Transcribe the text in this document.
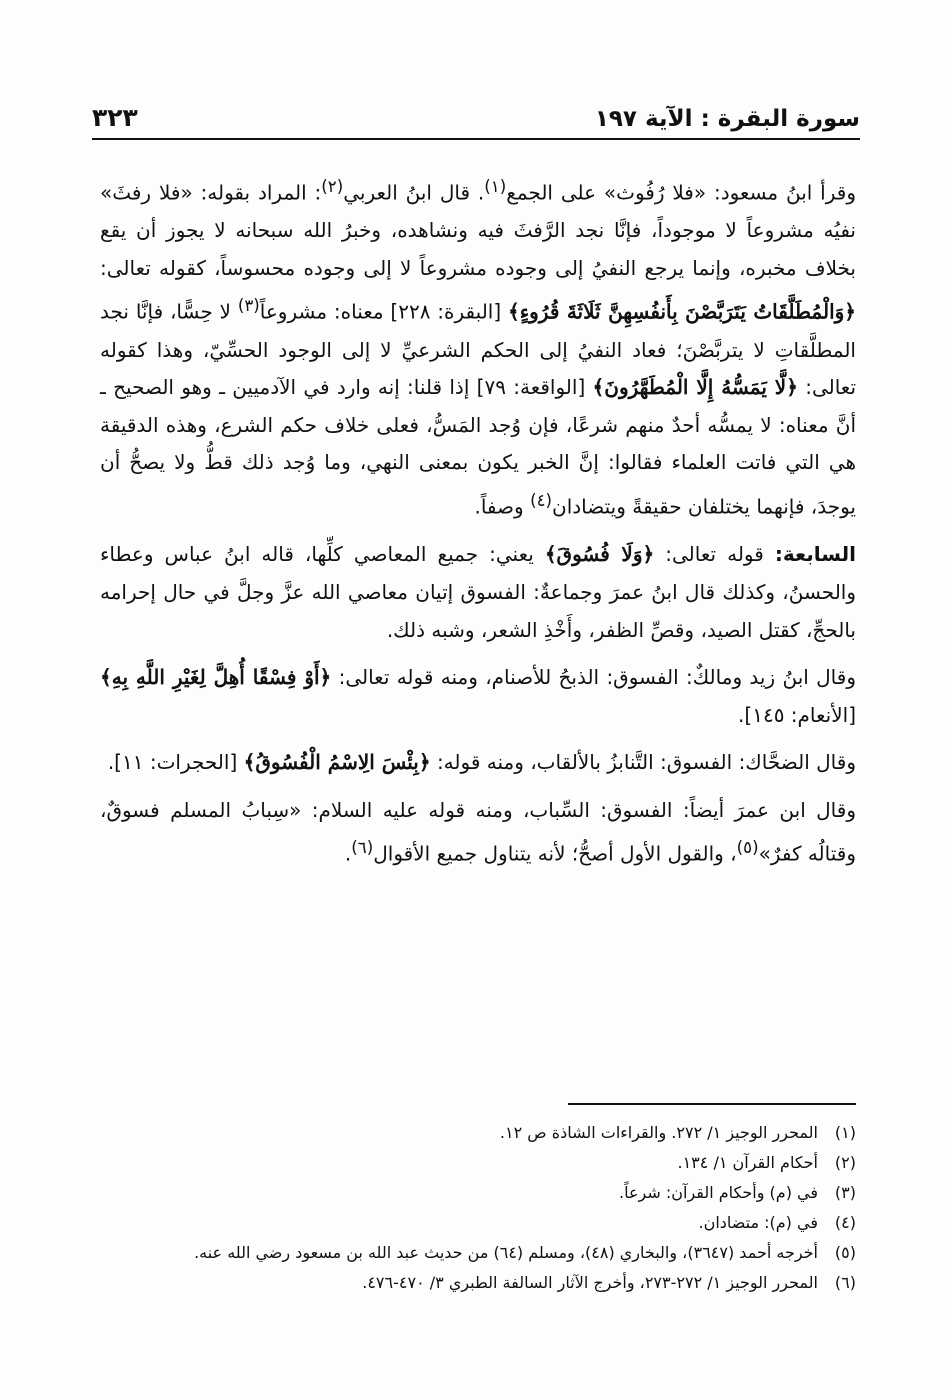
سورة البقرة : الآية ١٩٧
٣٢٣

وقرأ ابنُ مسعود: «فلا رُفُوث» على الجمع$^{(١)}$. قال ابنُ العربي$^{(٢)}$: المراد بقوله: «فلا رفثَ» نفيُه مشروعاً لا موجوداً، فإنَّا نجد الرَّفثَ فيه ونشاهده، وخبرُ الله سبحانه لا يجوز أن يقع بخلاف مخبره، وإنما يرجع النفيُ إلى وجوده مشروعاً لا إلى وجوده محسوساً، كقوله تعالى: ﴿وَالْمُطَلَّقَاتُ يَتَرَبَّصْنَ بِأَنفُسِهِنَّ ثَلَاثَةَ قُرُوءٍ﴾ [البقرة: ٢٢٨] معناه: مشروعاً$^{(٣)}$ لا حِسًّا، فإنَّا نجد المطلَّقاتِ لا يتربَّصْنَ؛ فعاد النفيُ إلى الحكم الشرعيِّ لا إلى الوجود الحسِّيّ، وهذا كقوله تعالى: ﴿لَّا يَمَسُّهُ إِلَّا الْمُطَهَّرُونَ﴾ [الواقعة: ٧٩] إذا قلنا: إنه وارد في الآدميين ـ وهو الصحيح ـ أنَّ معناه: لا يمسُّه أحدٌ منهم شرعًا، فإن وُجد المَسُّ، فعلى خلاف حكم الشرع، وهذه الدقيقة هي التي فاتت العلماء فقالوا: إنَّ الخبر يكون بمعنى النهي، وما وُجد ذلك قطُّ ولا يصحُّ أن يوجدَ، فإنهما يختلفان حقيقةً ويتضادان$^{(٤)}$ وصفاً.

السابعة: قوله تعالى: ﴿وَلَا فُسُوقَ﴾ يعني: جميع المعاصي كلِّها، قاله ابنُ عباس وعطاء والحسنُ، وكذلك قال ابنُ عمرَ وجماعةٌ: الفسوق إتيان معاصي الله عزَّ وجلَّ في حال إحرامه بالحجِّ، كقتل الصيد، وقصِّ الظفر، وأَخْذِ الشعر، وشبه ذلك.

وقال ابنُ زيد ومالكٌ: الفسوق: الذبحُ للأصنام، ومنه قوله تعالى: ﴿أَوْ فِسْقًا أُهِلَّ لِغَيْرِ اللَّهِ بِهِ﴾ [الأنعام: ١٤٥].

وقال الضحَّاك: الفسوق: التَّنابزُ بالألقاب، ومنه قوله: ﴿بِئْسَ الِاسْمُ الْفُسُوقُ﴾ [الحجرات: ١١].

وقال ابن عمرَ أيضاً: الفسوق: السِّباب، ومنه قوله عليه السلام: «سِبابُ المسلم فسوقٌ، وقتالُه كفرٌ»$^{(٥)}$، والقول الأول أصحُّ؛ لأنه يتناول جميع الأقوال$^{(٦)}$.

(١)
المحرر الوجيز ١/ ٢٧٢. والقراءات الشاذة ص ١٢.
(٢)
أحكام القرآن ١/ ١٣٤.
(٣)
في (م) وأحكام القرآن: شرعاً.
(٤)
في (م): متضادان.
(٥)
أخرجه أحمد (٣٦٤٧)، والبخاري (٤٨)، ومسلم (٦٤) من حديث عبد الله بن مسعود رضي الله عنه.
(٦)
المحرر الوجيز ١/ ٢٧٢-٢٧٣، وأخرج الآثار السالفة الطبري ٣/ ٤٧٠-٤٧٦.
